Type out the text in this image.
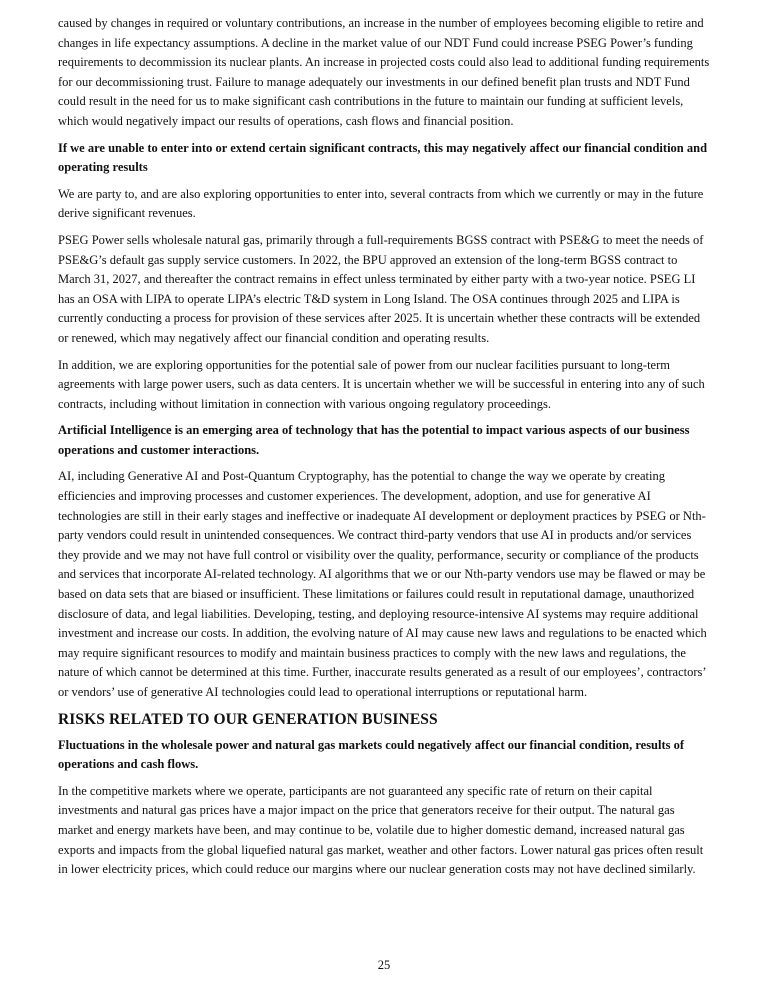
caused by changes in required or voluntary contributions, an increase in the number of employees becoming eligible to retire and changes in life expectancy assumptions. A decline in the market value of our NDT Fund could increase PSEG Power’s funding requirements to decommission its nuclear plants. An increase in projected costs could also lead to additional funding requirements for our decommissioning trust. Failure to manage adequately our investments in our defined benefit plan trusts and NDT Fund could result in the need for us to make significant cash contributions in the future to maintain our funding at sufficient levels, which would negatively impact our results of operations, cash flows and financial position.

If we are unable to enter into or extend certain significant contracts, this may negatively affect our financial condition and operating results

We are party to, and are also exploring opportunities to enter into, several contracts from which we currently or may in the future derive significant revenues.

PSEG Power sells wholesale natural gas, primarily through a full-requirements BGSS contract with PSE&G to meet the needs of PSE&G’s default gas supply service customers. In 2022, the BPU approved an extension of the long-term BGSS contract to March 31, 2027, and thereafter the contract remains in effect unless terminated by either party with a two-year notice. PSEG LI has an OSA with LIPA to operate LIPA’s electric T&D system in Long Island. The OSA continues through 2025 and LIPA is currently conducting a process for provision of these services after 2025. It is uncertain whether these contracts will be extended or renewed, which may negatively affect our financial condition and operating results.

In addition, we are exploring opportunities for the potential sale of power from our nuclear facilities pursuant to long-term agreements with large power users, such as data centers. It is uncertain whether we will be successful in entering into any of such contracts, including without limitation in connection with various ongoing regulatory proceedings.

Artificial Intelligence is an emerging area of technology that has the potential to impact various aspects of our business operations and customer interactions.

AI, including Generative AI and Post-Quantum Cryptography, has the potential to change the way we operate by creating efficiencies and improving processes and customer experiences. The development, adoption, and use for generative AI technologies are still in their early stages and ineffective or inadequate AI development or deployment practices by PSEG or Nth-party vendors could result in unintended consequences. We contract third-party vendors that use AI in products and/or services they provide and we may not have full control or visibility over the quality, performance, security or compliance of the products and services that incorporate AI-related technology. AI algorithms that we or our Nth-party vendors use may be flawed or may be based on data sets that are biased or insufficient. These limitations or failures could result in reputational damage, unauthorized disclosure of data, and legal liabilities. Developing, testing, and deploying resource-intensive AI systems may require additional investment and increase our costs. In addition, the evolving nature of AI may cause new laws and regulations to be enacted which may require significant resources to modify and maintain business practices to comply with the new laws and regulations, the nature of which cannot be determined at this time. Further, inaccurate results generated as a result of our employees’, contractors’ or vendors’ use of generative AI technologies could lead to operational interruptions or reputational harm.

RISKS RELATED TO OUR GENERATION BUSINESS

Fluctuations in the wholesale power and natural gas markets could negatively affect our financial condition, results of operations and cash flows.

In the competitive markets where we operate, participants are not guaranteed any specific rate of return on their capital investments and natural gas prices have a major impact on the price that generators receive for their output. The natural gas market and energy markets have been, and may continue to be, volatile due to higher domestic demand, increased natural gas exports and impacts from the global liquefied natural gas market, weather and other factors. Lower natural gas prices often result in lower electricity prices, which could reduce our margins where our nuclear generation costs may not have declined similarly.

25
